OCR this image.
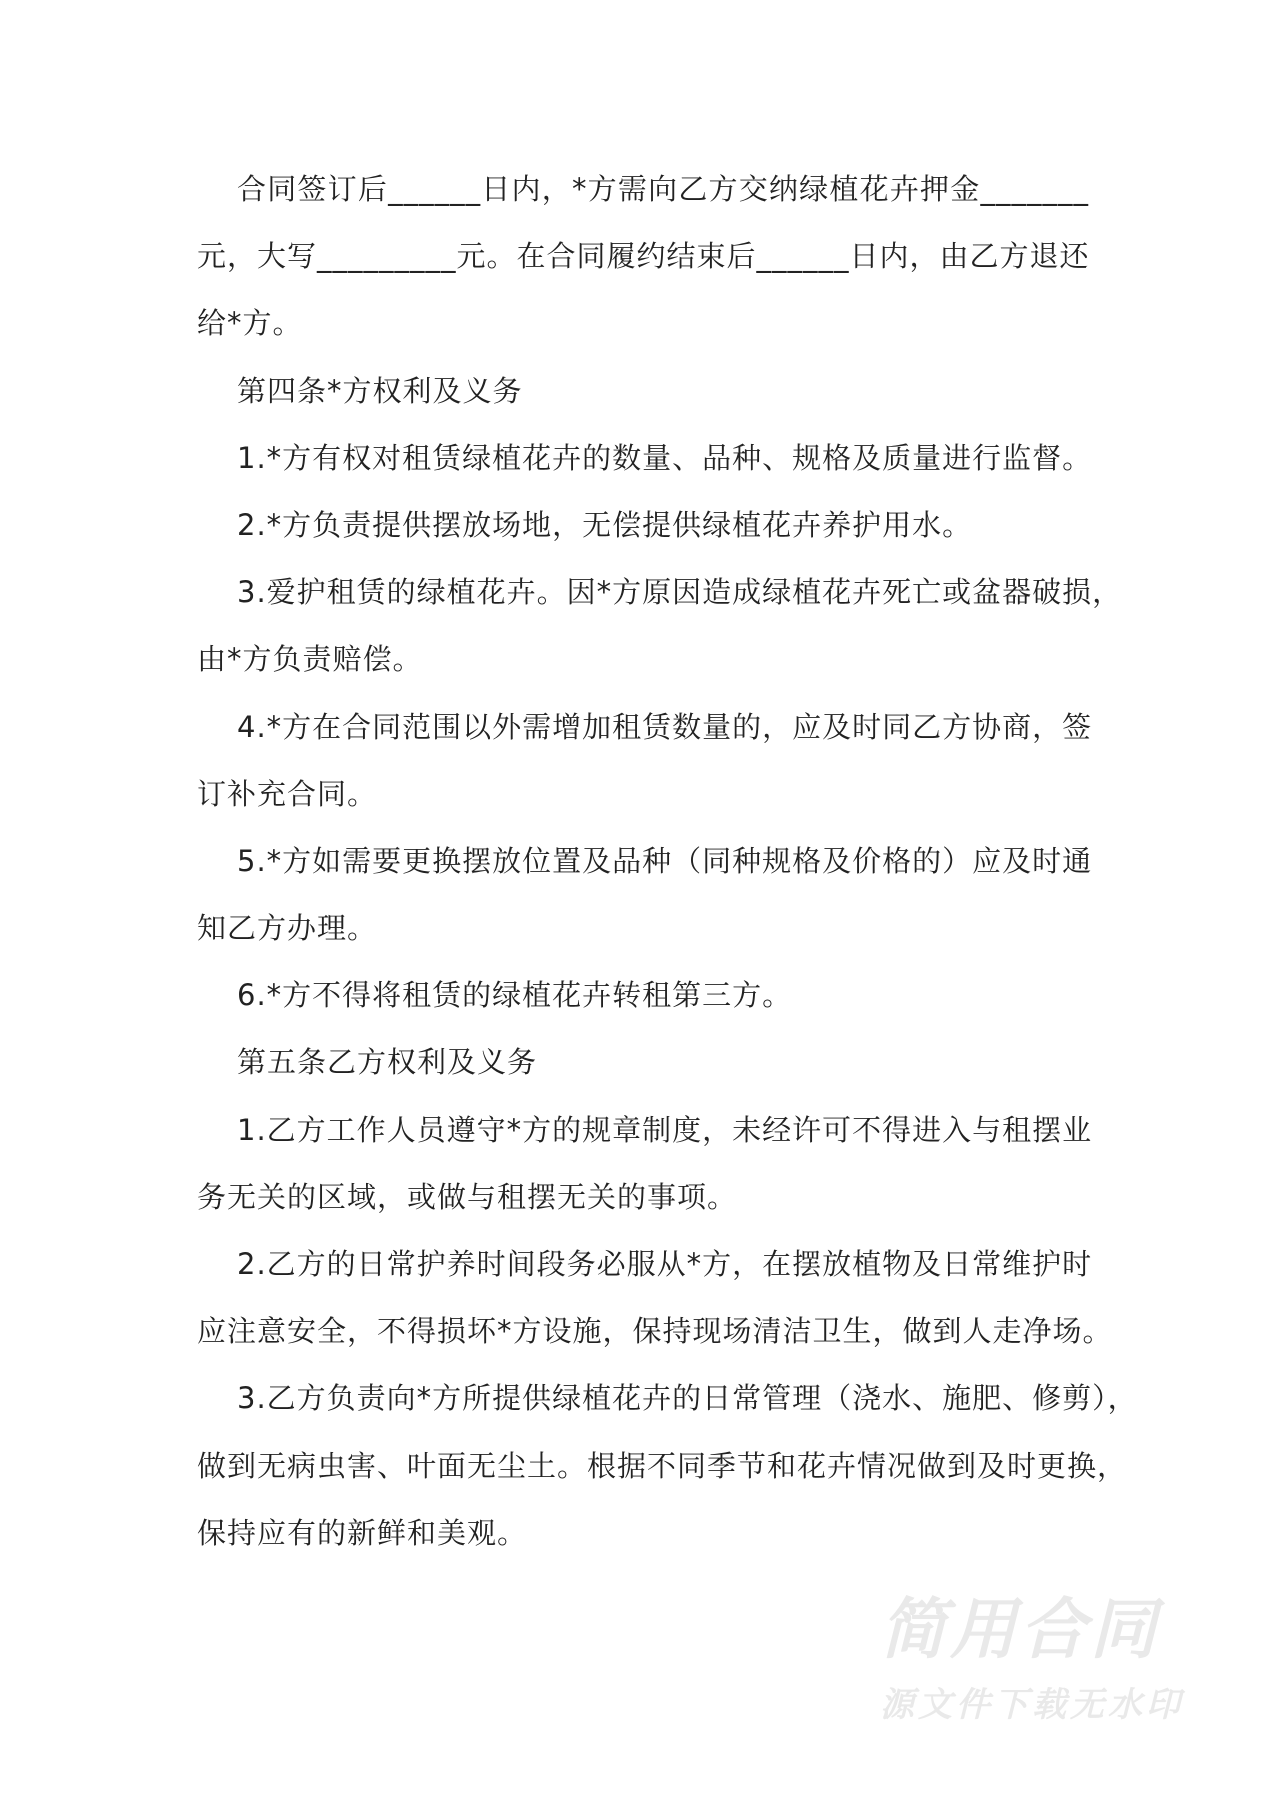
合同签订后______日内，*方需向乙方交纳绿植花卉押金_______
元，大写_________元。在合同履约结束后______日内，由乙方退还
给*方。
第四条*方权利及义务
1.*方有权对租赁绿植花卉的数量、品种、规格及质量进行监督。
2.*方负责提供摆放场地，无偿提供绿植花卉养护用水。
3.爱护租赁的绿植花卉。因*方原因造成绿植花卉死亡或盆器破损，
由*方负责赔偿。
4.*方在合同范围以外需增加租赁数量的，应及时同乙方协商，签
订补充合同。
5.*方如需要更换摆放位置及品种（同种规格及价格的）应及时通
知乙方办理。
6.*方不得将租赁的绿植花卉转租第三方。
第五条乙方权利及义务
1.乙方工作人员遵守*方的规章制度，未经许可不得进入与租摆业
务无关的区域，或做与租摆无关的事项。
2.乙方的日常护养时间段务必服从*方，在摆放植物及日常维护时
应注意安全，不得损坏*方设施，保持现场清洁卫生，做到人走净场。
3.乙方负责向*方所提供绿植花卉的日常管理（浇水、施肥、修剪），
做到无病虫害、叶面无尘土。根据不同季节和花卉情况做到及时更换，
保持应有的新鲜和美观。
简用合同
源文件下载无水印
